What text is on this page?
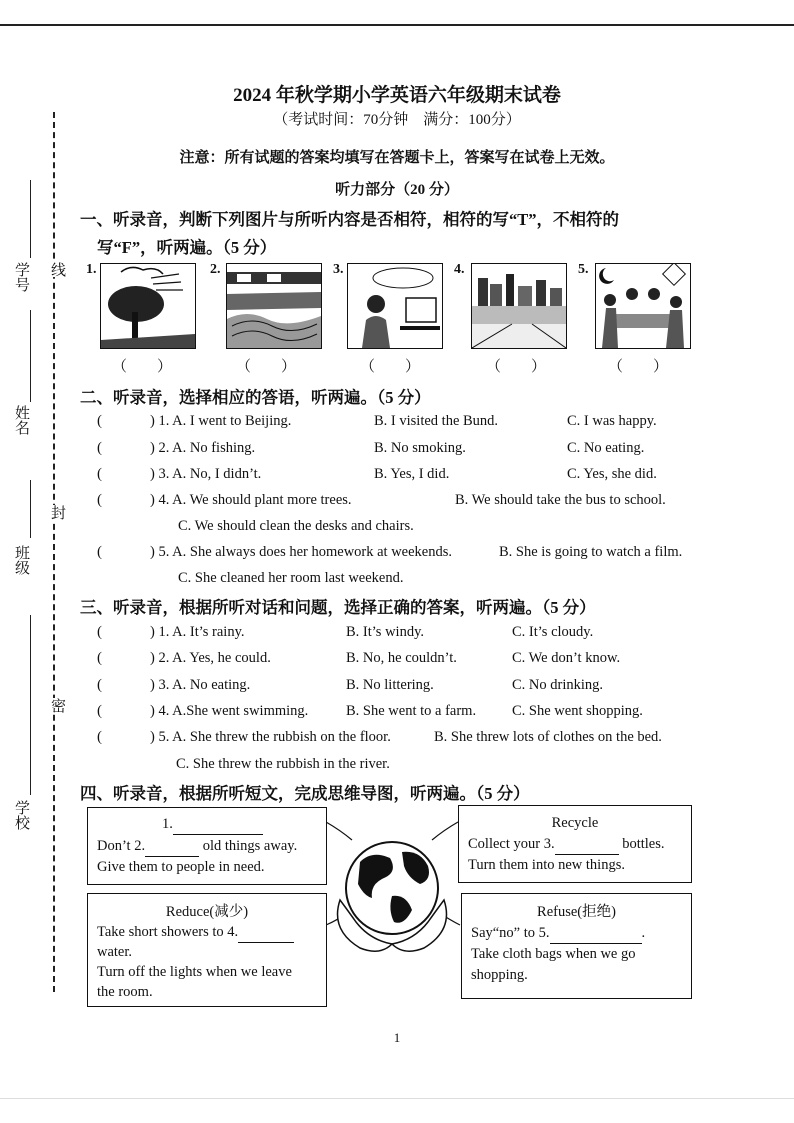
学号 线
姓名
封
班级
密
学校
2024 年秋学期小学英语六年级期末试卷
（考试时间：70分钟　满分：100分）
注意：所有试题的答案均填写在答题卡上，答案写在试卷上无效。
听力部分（20 分）
一、听录音，判断下列图片与所听内容是否相符，相符的写“T”，不相符的
写“F”，听两遍。（5 分）
1.	2.	3.	4.	5.
（　　）	（　　）	（　　）	（　　）	（　　）
二、听录音，选择相应的答语，听两遍。（5 分）
(	) 1. A. I went to Beijing.	B. I visited the Bund.	C. I was happy.
(	) 2. A. No fishing.	B. No smoking.	C. No eating.
(	) 3. A. No, I didn’t.	B. Yes, I did.	C. Yes, she did.
(	) 4. A. We should plant more trees.	B. We should take the bus to school.
C. We should clean the desks and chairs.
(	) 5. A. She always does her homework at weekends.	B. She is going to watch a film.
C. She cleaned her room last weekend.
三、听录音，根据所听对话和问题，选择正确的答案，听两遍。（5 分）
(	) 1. A. It’s rainy.	B. It’s windy.	C. It’s cloudy.
(	) 2. A. Yes, he could.	B. No, he couldn’t.	C. We don’t know.
(	) 3. A. No eating.	B. No littering.	C. No drinking.
(	) 4. A.She went swimming.	B. She went to a farm. C. She went shopping.
(	) 5. A. She threw the rubbish on the floor.	B. She threw lots of clothes on the bed.
C. She threw the rubbish in the river.
四、听录音，根据所听短文，完成思维导图，听两遍。（5 分）
1.
Don’t 2.	old things away.
Give them to people in need.
Recycle
Collect your 3.	bottles.
Turn them into new things.
Reduce(减少)
Take short showers to 4.
water.
Turn off the lights when we leave
the room.
Refuse(拒绝)
Say“no” to 5.	.
Take cloth bags when we go
shopping.
1
